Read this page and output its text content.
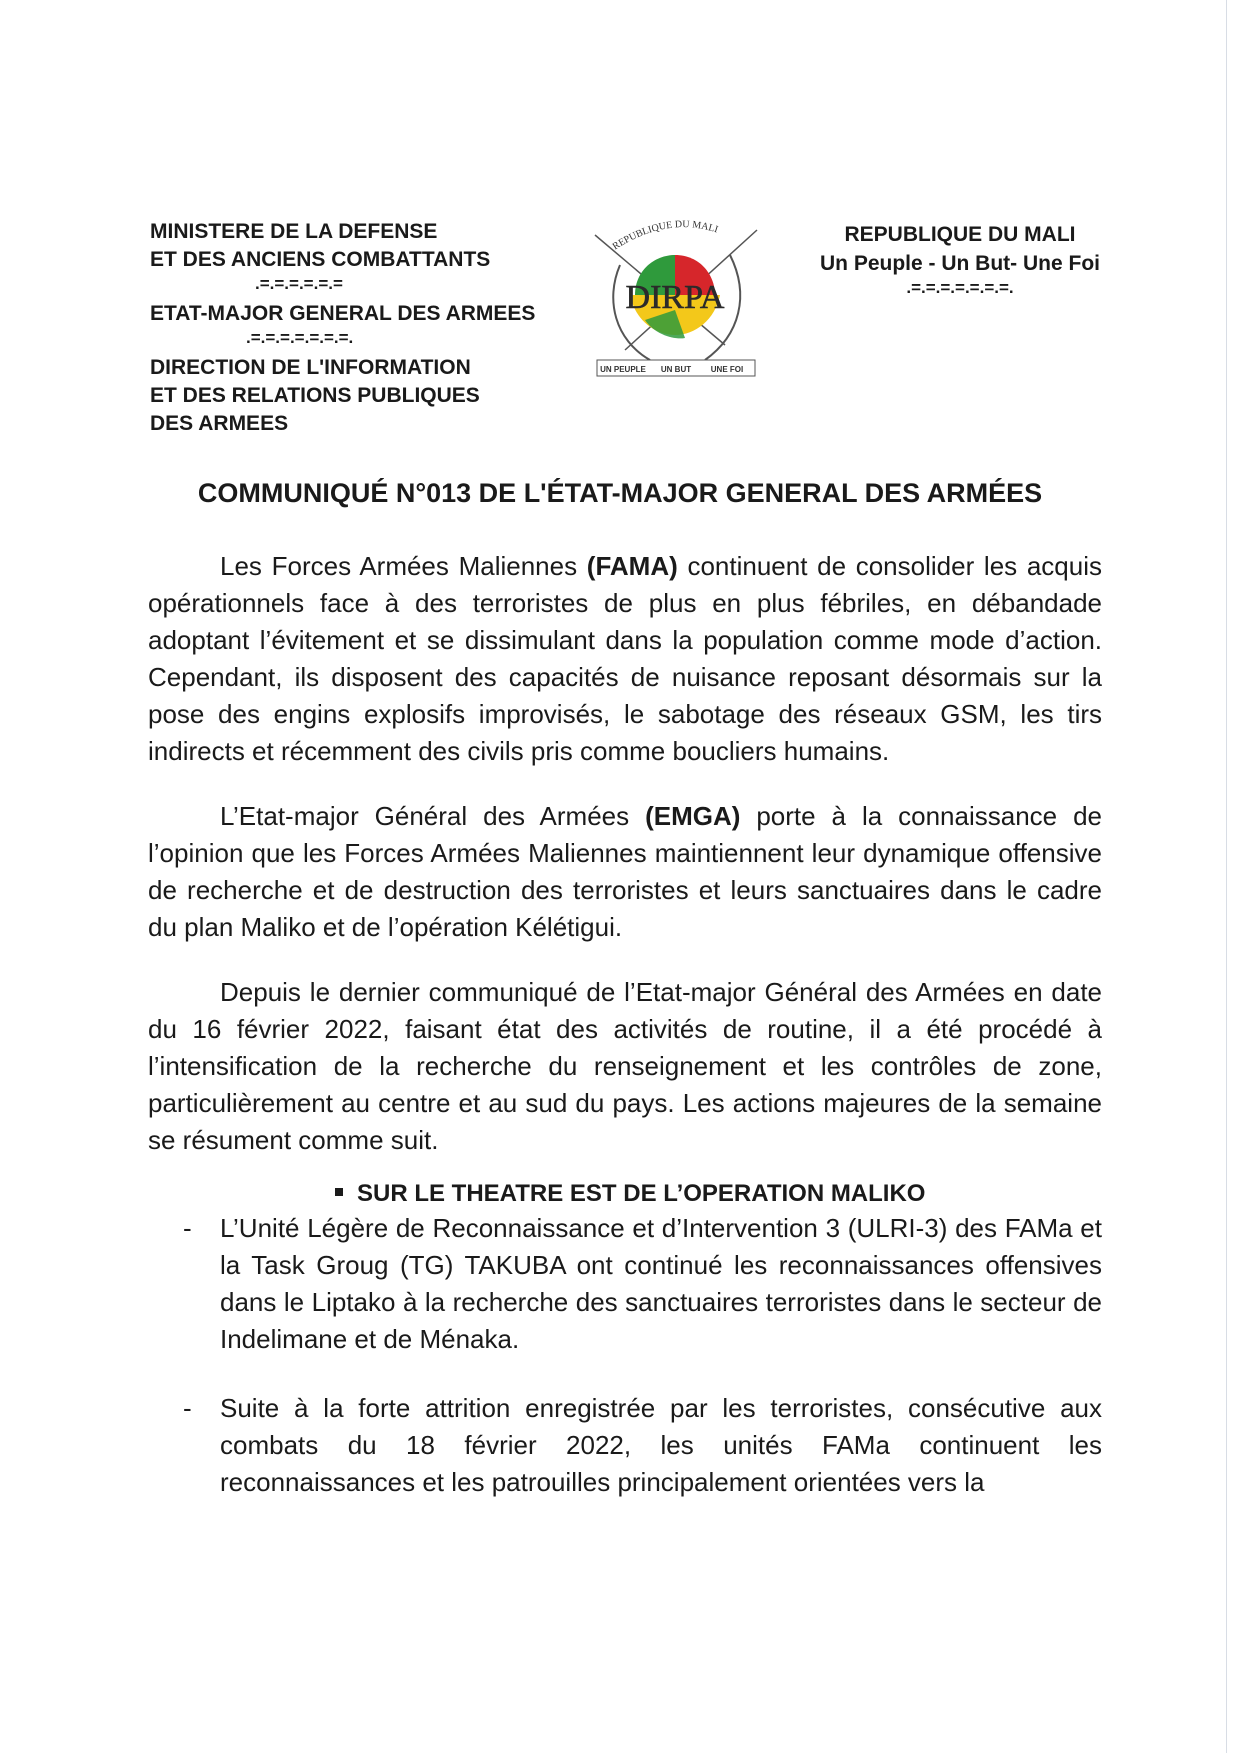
MINISTERE DE LA DEFENSE
ET DES ANCIENS COMBATTANTS
.=.=.=.=.=.=
ETAT-MAJOR GENERAL DES ARMEES
.=.=.=.=.=.=.=.
DIRECTION DE L'INFORMATION
ET DES RELATIONS PUBLIQUES
DES ARMEES
REPUBLIQUE DU MALI
DIRPA
UN PEUPLE UN BUT UNE FOI
REPUBLIQUE DU MALI
Un Peuple - Un But- Une Foi
.=.=.=.=.=.=.=.
COMMUNIQUÉ N°013 DE L'ÉTAT-MAJOR GENERAL DES ARMÉES
Les Forces Armées Maliennes (FAMA) continuent de consolider les acquis opérationnels face à des terroristes de plus en plus fébriles, en débandade adoptant l’évitement et se dissimulant dans la population comme mode d’action. Cependant, ils disposent des capacités de nuisance reposant désormais sur la pose des engins explosifs improvisés, le sabotage des réseaux GSM, les tirs indirects et récemment des civils pris comme boucliers humains.
L’Etat-major Général des Armées (EMGA) porte à la connaissance de l’opinion que les Forces Armées Maliennes maintiennent leur dynamique offensive de recherche et de destruction des terroristes et leurs sanctuaires dans le cadre du plan Maliko et de l’opération Kélétigui.
Depuis le dernier communiqué de l’Etat-major Général des Armées en date du 16 février 2022, faisant état des activités de routine, il a été procédé à l’intensification de la recherche du renseignement et les contrôles de zone, particulièrement au centre et au sud du pays. Les actions majeures de la semaine se résument comme suit.
SUR LE THEATRE EST DE L’OPERATION MALIKO
- L’Unité Légère de Reconnaissance et d’Intervention 3 (ULRI-3) des FAMa et la Task Groug (TG) TAKUBA ont continué les reconnaissances offensives dans le Liptako à la recherche des sanctuaires terroristes dans le secteur de Indelimane et de Ménaka.
- Suite à la forte attrition enregistrée par les terroristes, consécutive aux combats du 18 février 2022, les unités FAMa continuent les reconnaissances et les patrouilles principalement orientées vers la
